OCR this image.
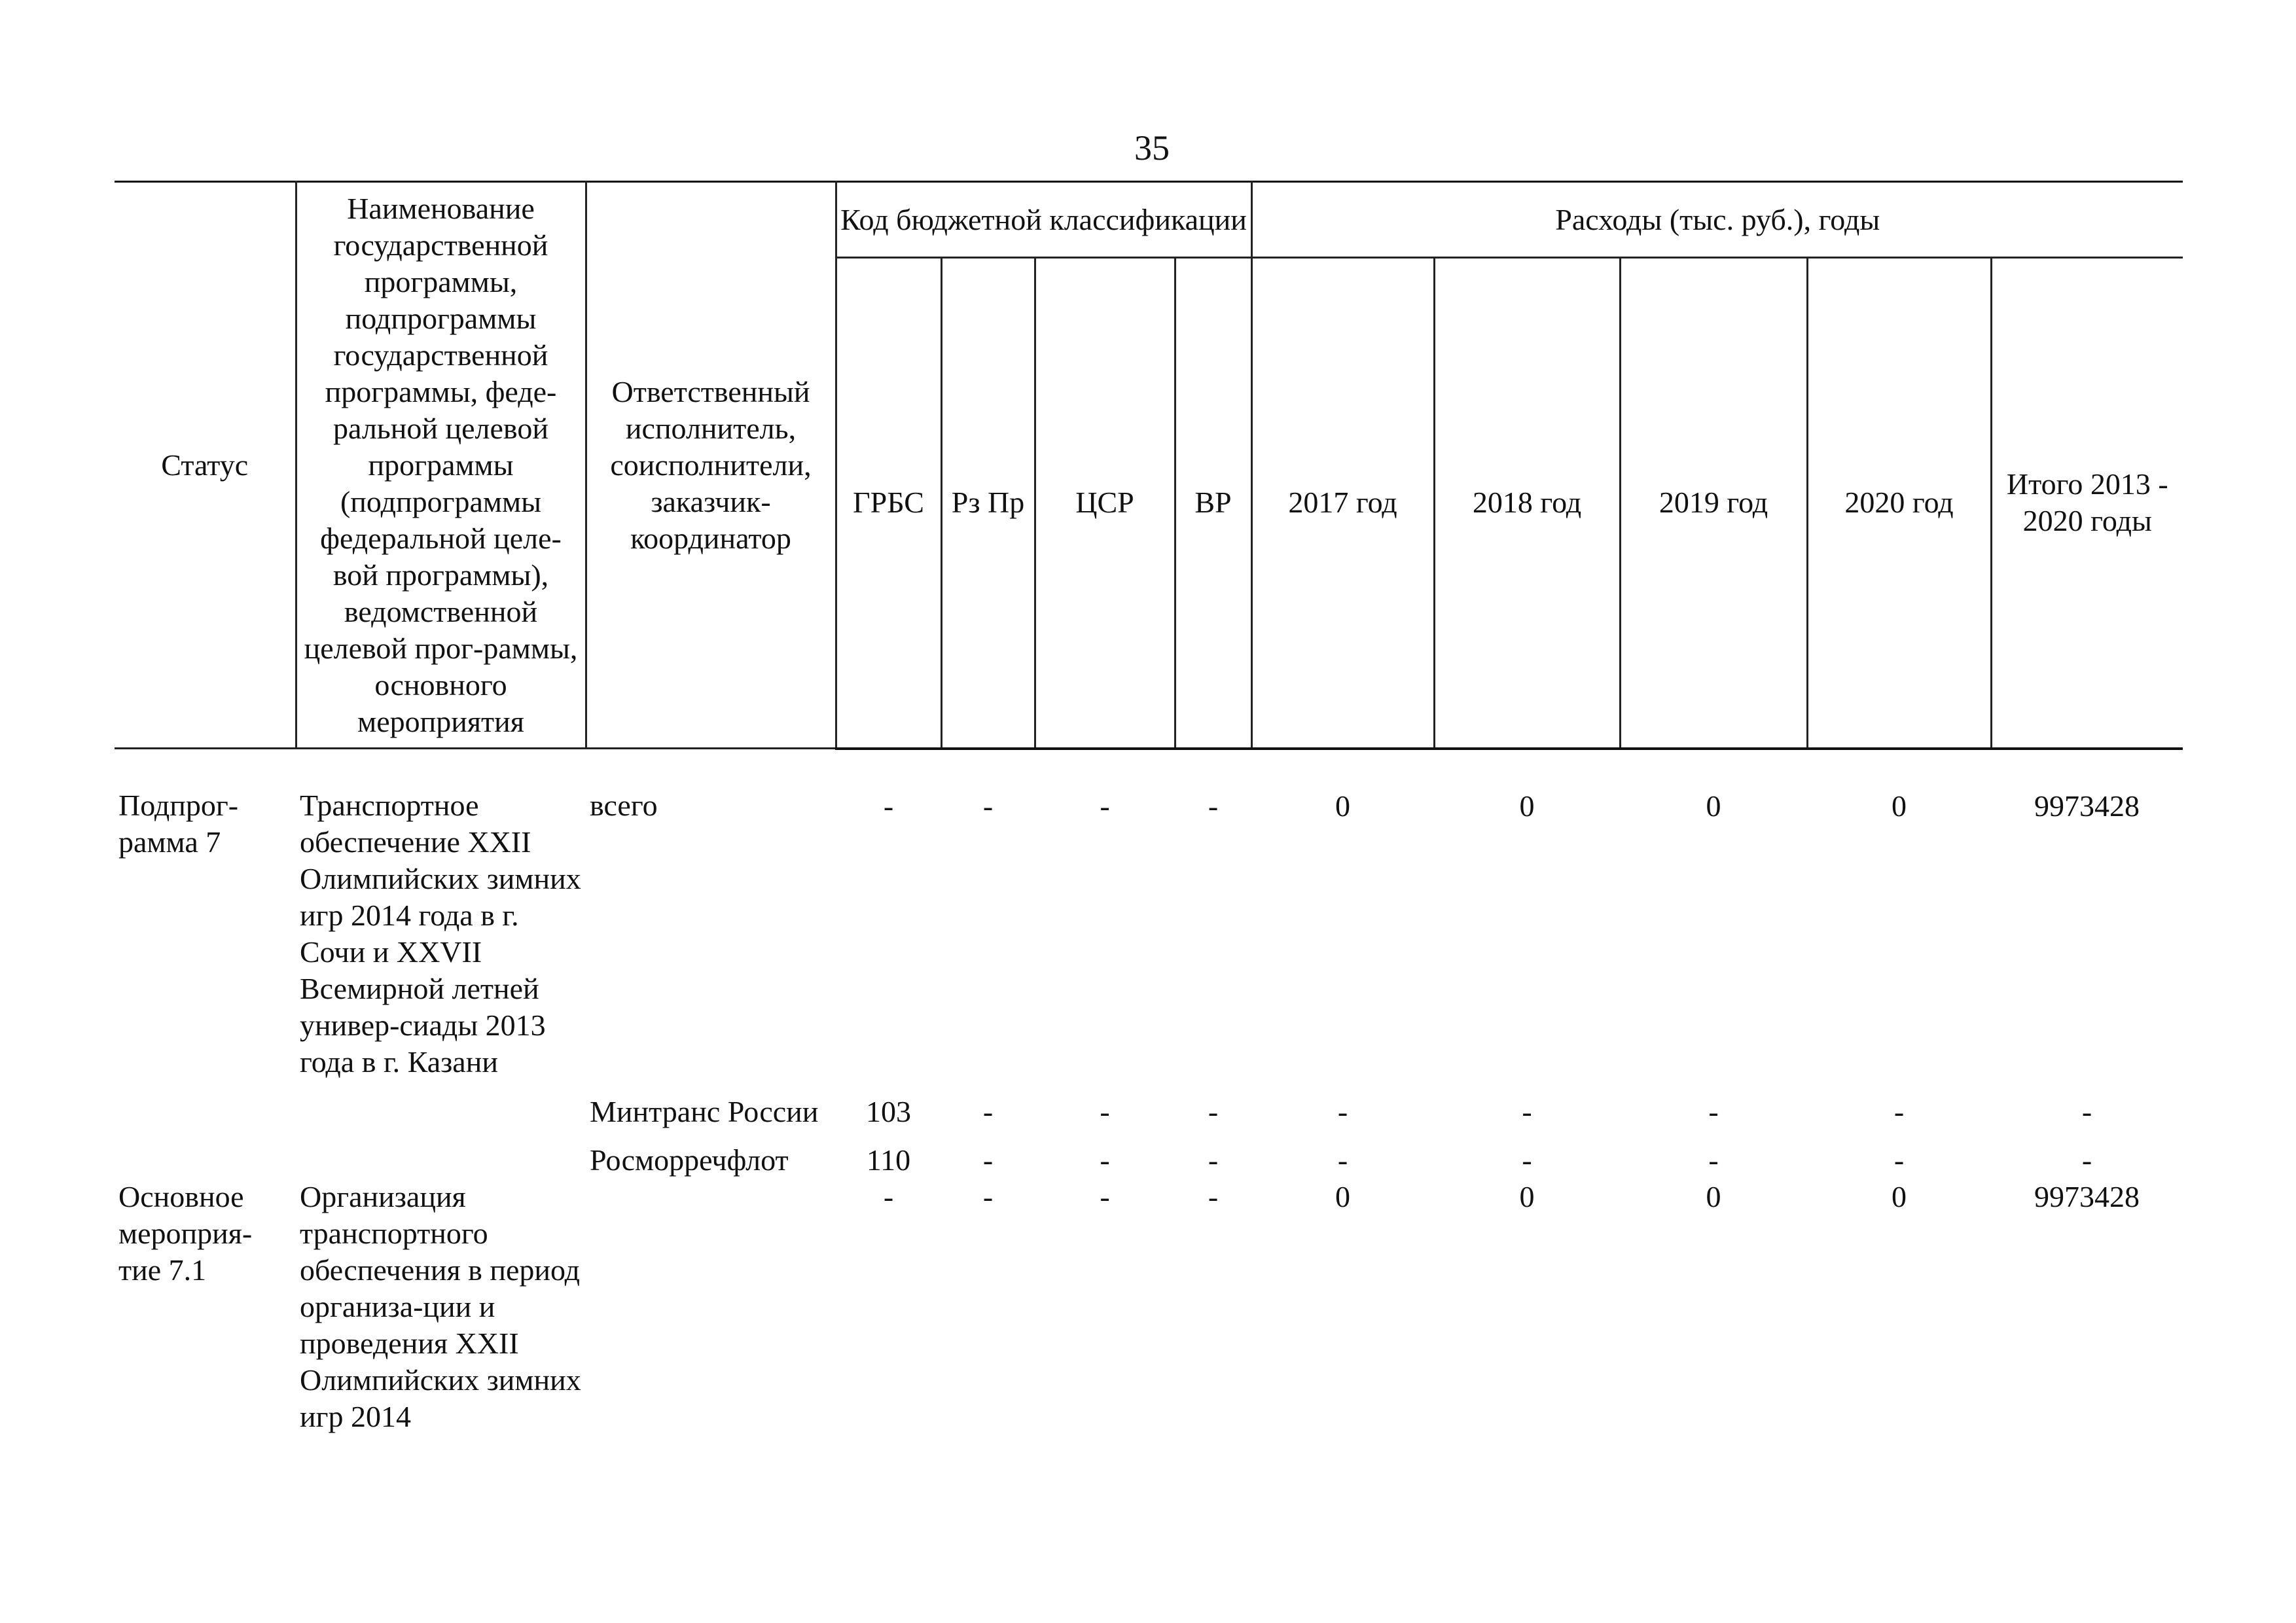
35
Статус	Наименование государственной программы, подпрограммы государственной программы, феде-ральной целевой программы (подпрограммы федеральной целе-вой программы), ведомственной целевой прог-раммы, основного мероприятия	Ответственный исполнитель, соисполнители, заказчик-координатор	Код бюджетной классификации				Расходы (тыс. руб.), годы				
			ГРБС	Рз Пр	ЦСР	ВР	2017 год	2018 год	2019 год	2020 год	Итого 2013 - 2020 годы
Подпрог-рамма 7	Транспортное обеспечение XXII Олимпийских зимних игр 2014 года в г. Сочи и XXVII Всемирной летней универ-сиады 2013 года в г. Казани	всего	-	-	-	-	0	0	0	0	9973428
		Минтранс России	103	-	-	-	-	-	-	-	-
		Росморречфлот	110	-	-	-	-	-	-	-	-
Основное мероприя-тие 7.1	Организация транспортного обеспечения в период организа-ции и проведения XXII Олимпийских зимних игр 2014		-	-	-	-	0	0	0	0	9973428
